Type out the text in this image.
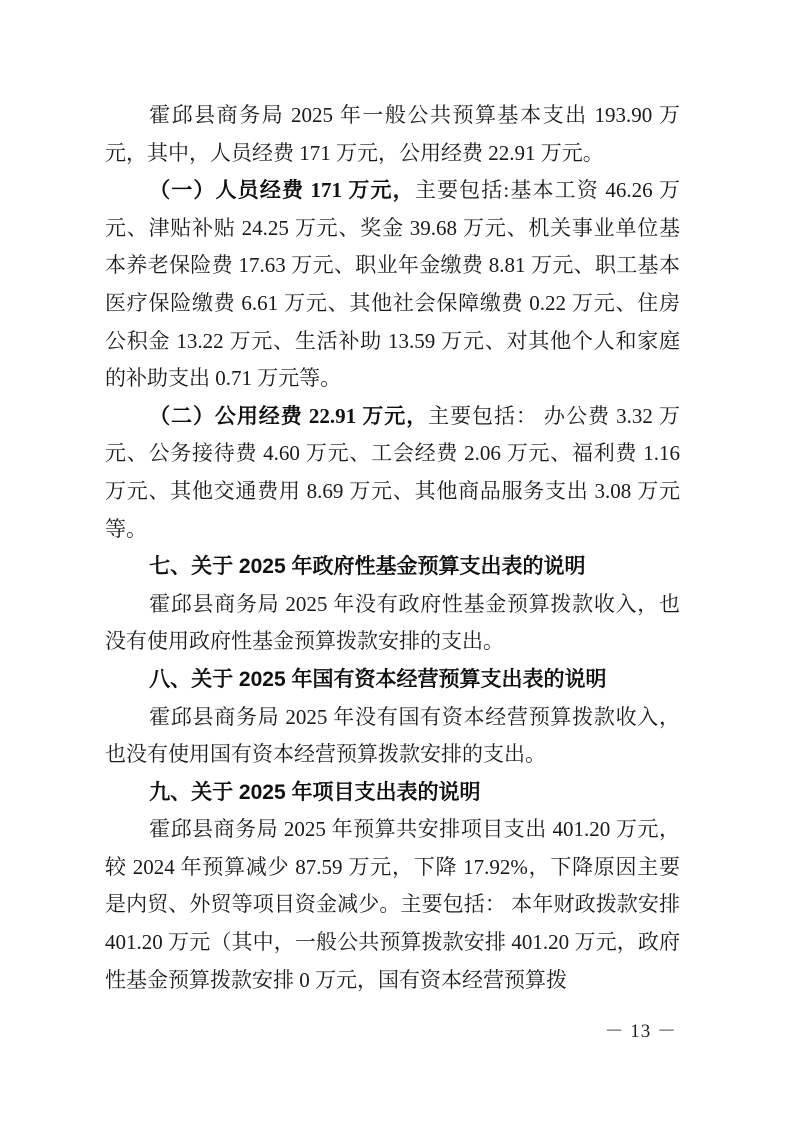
霍邱县商务局 2025 年一般公共预算基本支出 193.90 万元，其中，人员经费 171 万元，公用经费 22.91 万元。

（一）人员经费 171 万元，主要包括:基本工资 46.26 万元、津贴补贴 24.25 万元、奖金 39.68 万元、机关事业单位基本养老保险费 17.63 万元、职业年金缴费 8.81 万元、职工基本医疗保险缴费 6.61 万元、其他社会保障缴费 0.22 万元、住房公积金 13.22 万元、生活补助 13.59 万元、对其他个人和家庭的补助支出 0.71 万元等。

（二）公用经费 22.91 万元，主要包括： 办公费 3.32 万元、公务接待费 4.60 万元、工会经费 2.06 万元、福利费 1.16 万元、其他交通费用 8.69 万元、其他商品服务支出 3.08 万元等。

七、关于 2025 年政府性基金预算支出表的说明

霍邱县商务局 2025 年没有政府性基金预算拨款收入，也没有使用政府性基金预算拨款安排的支出。

八、关于 2025 年国有资本经营预算支出表的说明

霍邱县商务局 2025 年没有国有资本经营预算拨款收入，也没有使用国有资本经营预算拨款安排的支出。

九、关于 2025 年项目支出表的说明

霍邱县商务局 2025 年预算共安排项目支出 401.20 万元，较 2024 年预算减少 87.59 万元，下降 17.92%，下降原因主要是内贸、外贸等项目资金减少。主要包括： 本年财政拨款安排 401.20 万元（其中，一般公共预算拨款安排 401.20 万元，政府性基金预算拨款安排 0 万元，国有资本经营预算拨

－ 13 －
